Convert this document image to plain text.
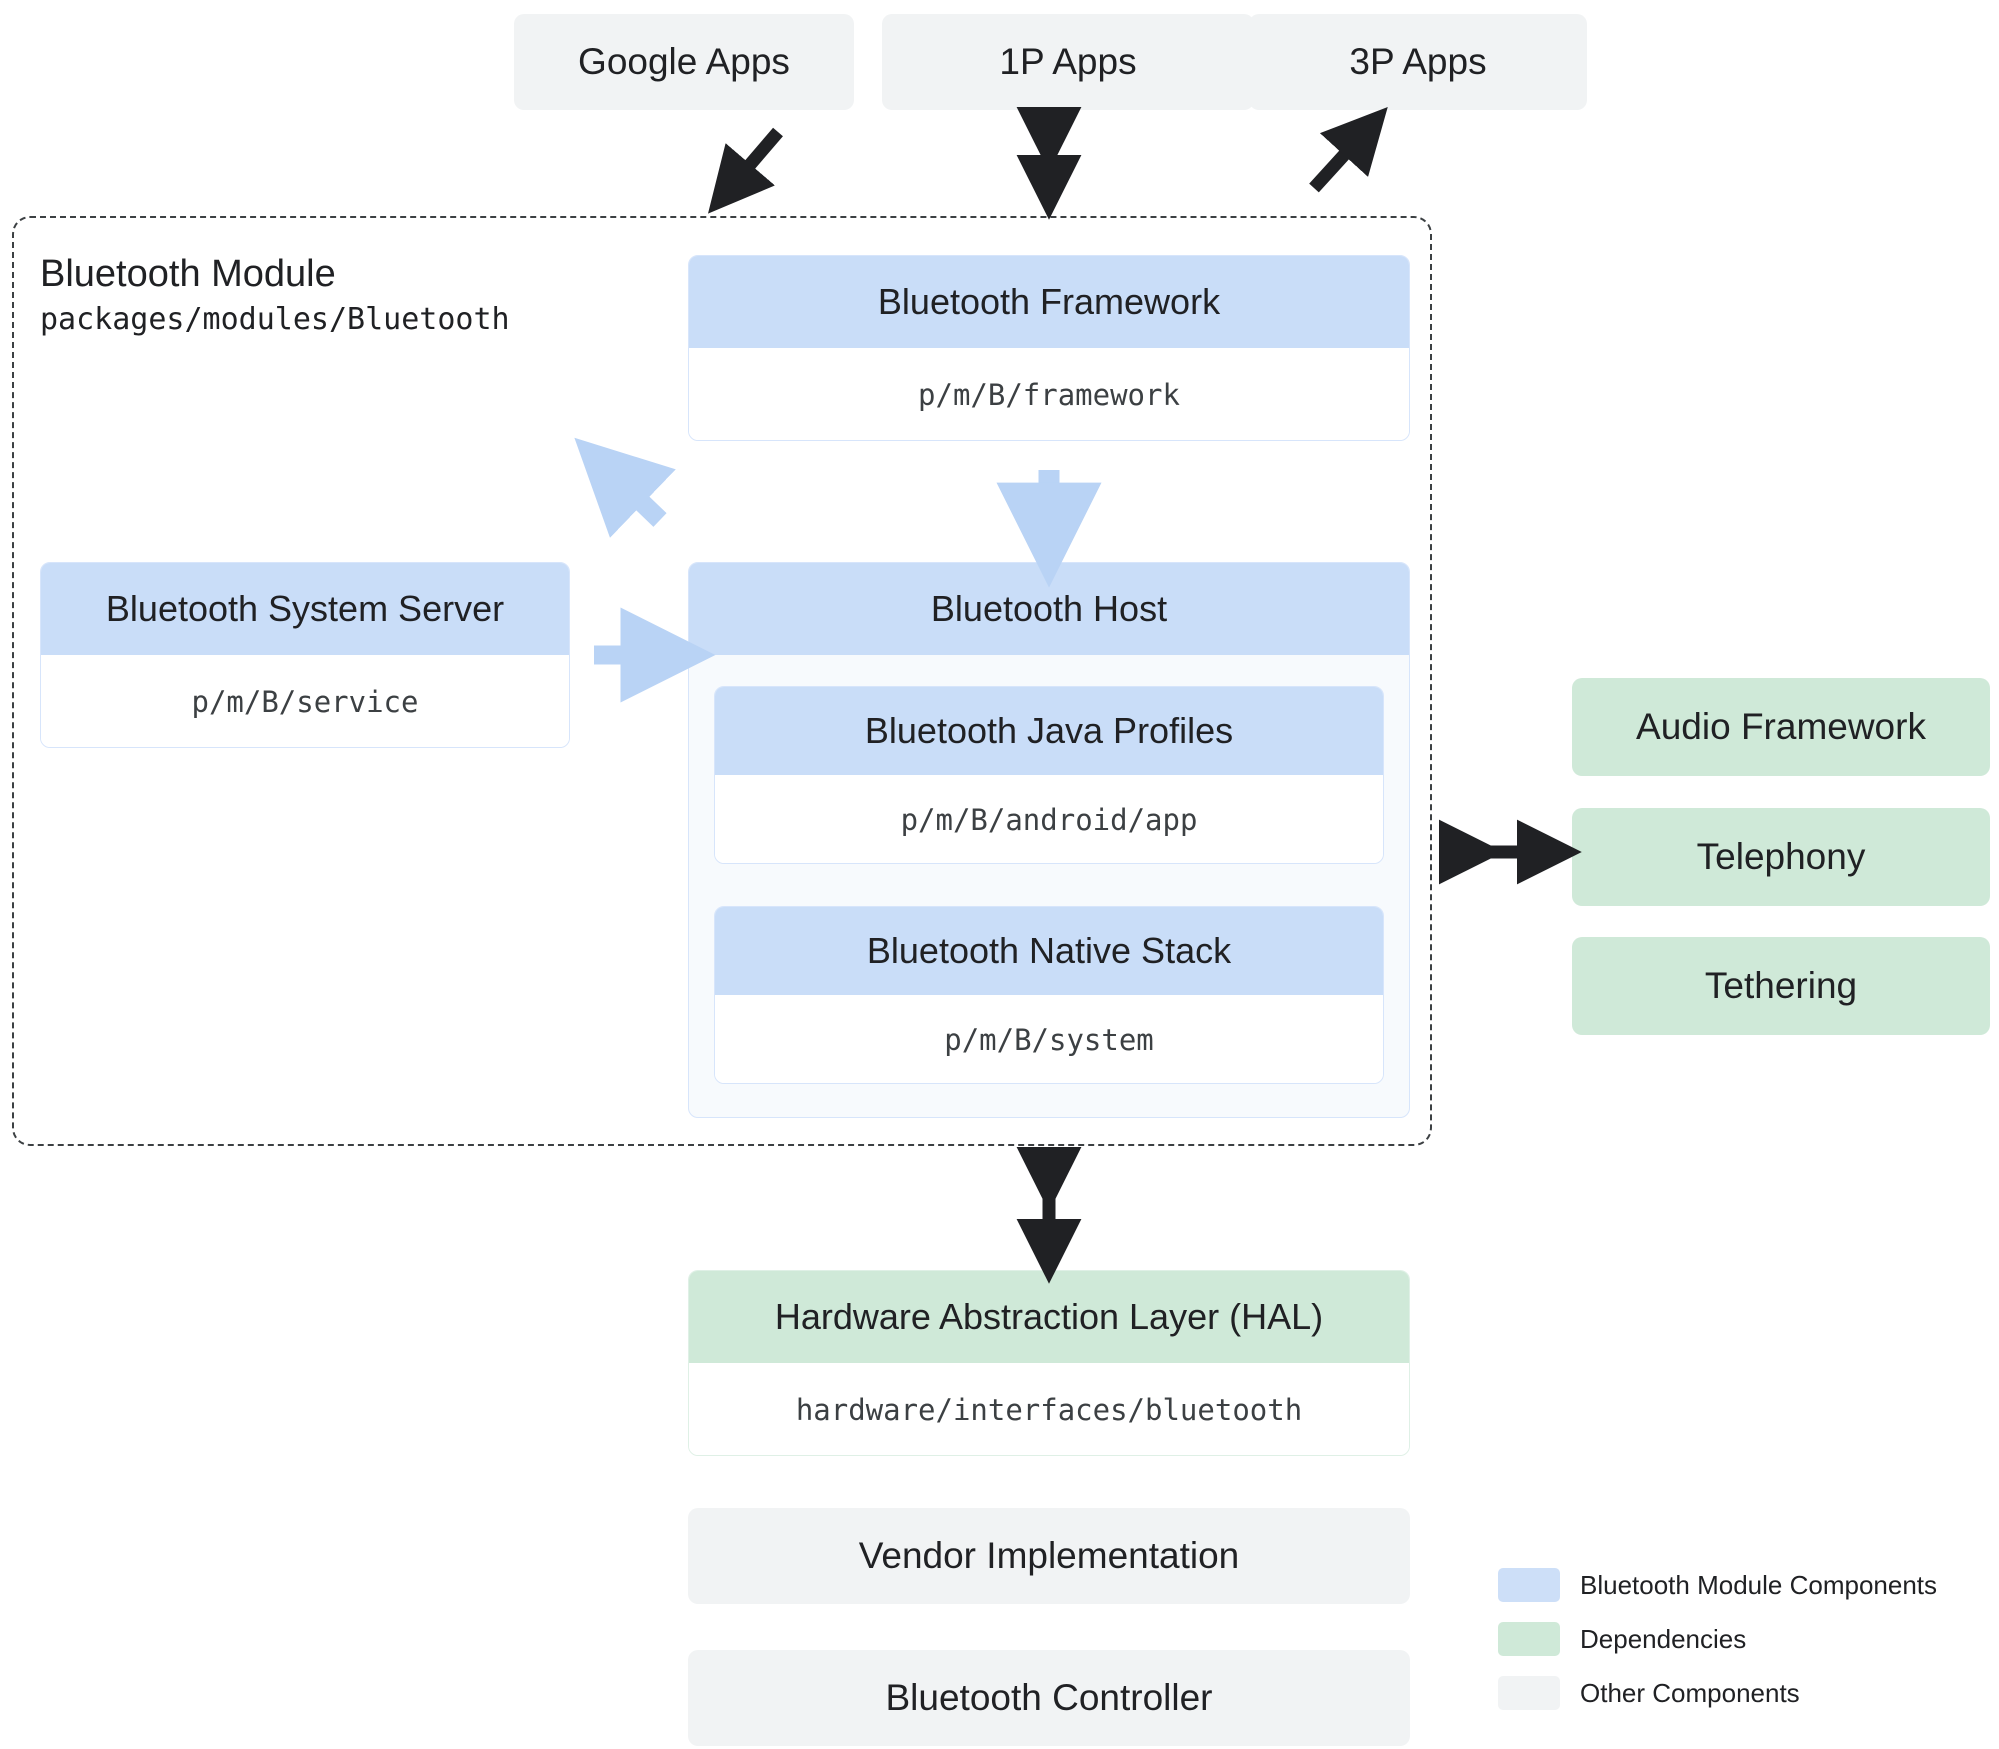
Google Apps	1P Apps	3P Apps
Bluetooth Module
packages/modules/Bluetooth	Bluetooth Framework
p/m/B/framework
Bluetooth System Server
p/m/B/service
Bluetooth Host
Bluetooth Java Profiles
p/m/B/android/app
Bluetooth Native Stack
p/m/B/system
Audio Framework
Telephony
Tethering
Hardware Abstraction Layer (HAL)
hardware/interfaces/bluetooth
Vendor Implementation
Bluetooth Controller
Bluetooth Module Components
Dependencies
Other Components
